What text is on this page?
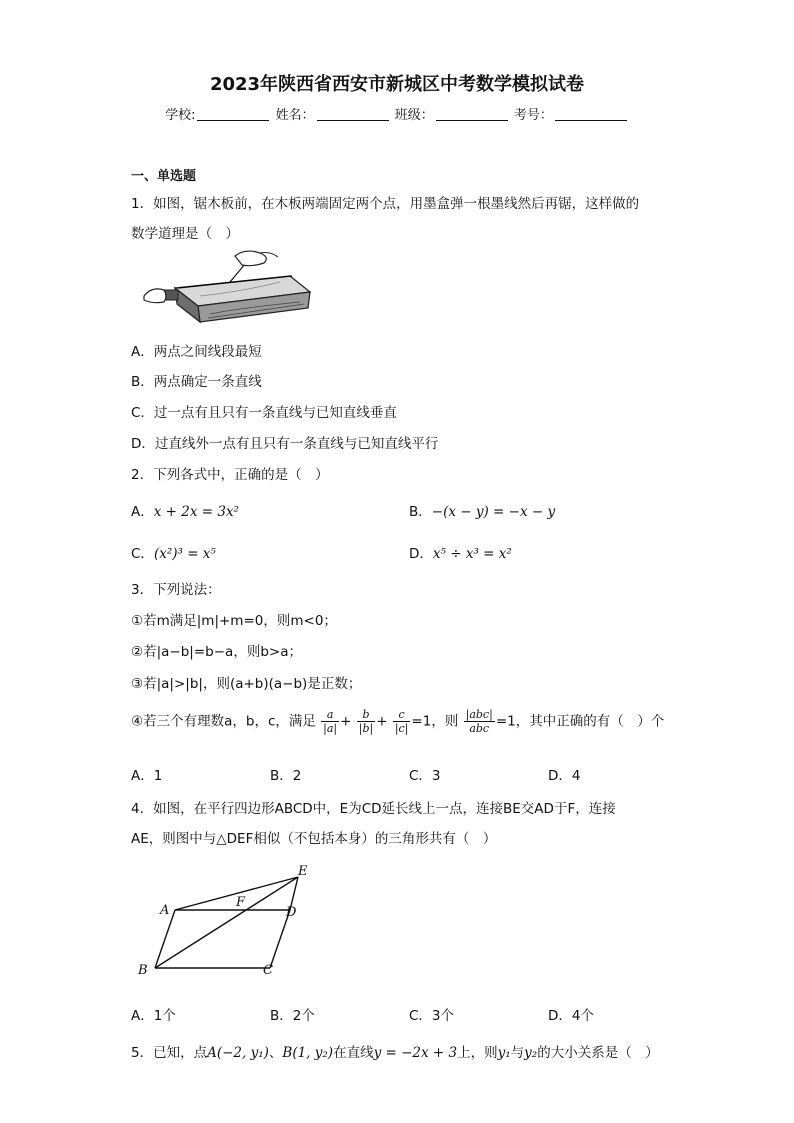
2023年陕西省西安市新城区中考数学模拟试卷
学校:	姓名：	班级：	考号：
一、单选题
1．如图，锯木板前，在木板两端固定两个点，用墨盒弹一根墨线然后再锯，这样做的
数学道理是（　）
A．两点之间线段最短
B．两点确定一条直线
C．过一点有且只有一条直线与已知直线垂直
D．过直线外一点有且只有一条直线与已知直线平行
2．下列各式中，正确的是（　）
A．x + 2x = 3x²	B．−(x − y) = −x − y
C．(x²)³ = x⁵	D．x⁵ ÷ x³ = x²
3．下列说法：
①若m满足|m|+m=0，则m<0；
②若|a−b|=b−a，则b>a；
③若|a|>|b|，则(a+b)(a−b)是正数；
④若三个有理数a，b，c，满足 $\frac{a}{|a|} + \frac{b}{|b|} + \frac{c}{|c|} =1$，则 $\frac{\text{|abc|}}{\text{abc}} =1$，其中正确的有（　）个
A．1	B．2	C．3	D．4
4．如图，在平行四边形ABCD中，E为CD延长线上一点，连接BE交AD于F，连接
AE，则图中与△DEF相似（不包括本身）的三角形共有（　）
A
B	C
D
E
F
A．1个	B．2个	C．3个	D．4个
5．已知，点A(−2, y₁)、B(1, y₂)在直线y = −2x + 3上，则y₁与y₂的大小关系是（　）
